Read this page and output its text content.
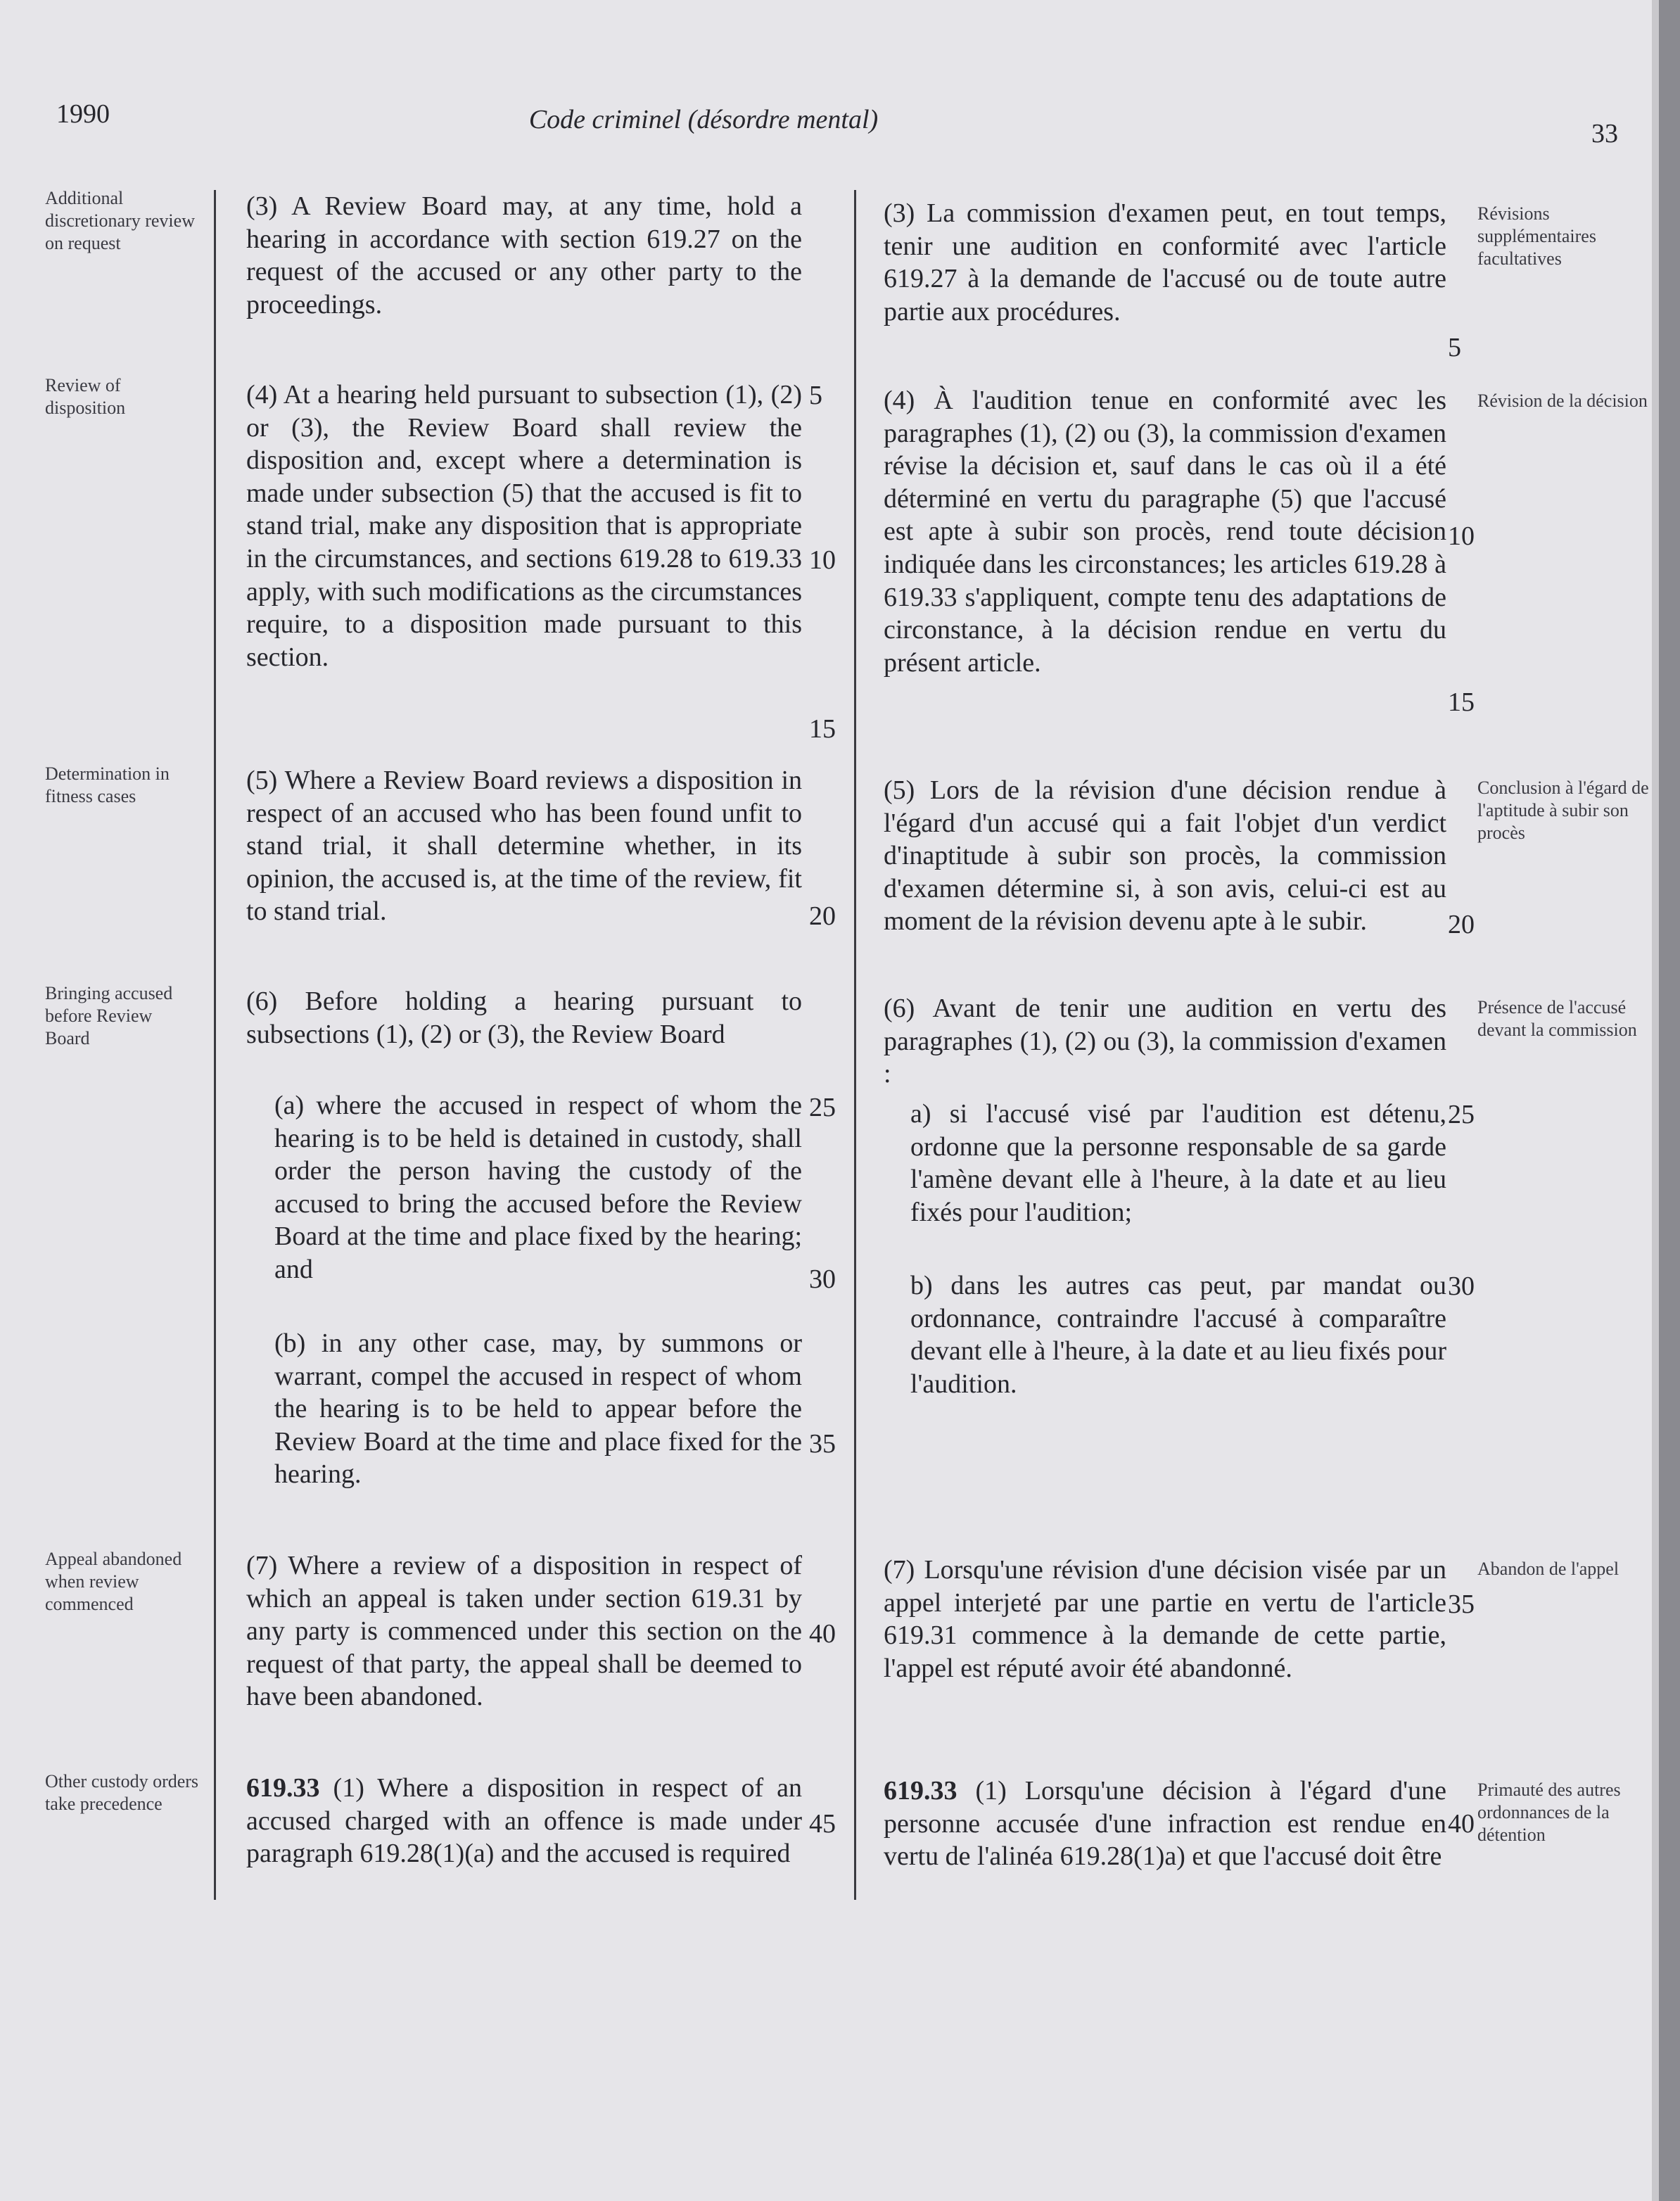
1990	Code criminel (désordre mental)	33
Additional discretionary review on request
Review of disposition
Determination in fitness cases
Bringing accused before Review Board
Appeal abandoned when review commenced
Other custody orders take precedence
Révisions supplémentaires facultatives
Révision de la décision
Conclusion à l'égard de l'aptitude à subir son procès
Présence de l'accusé devant la commission
Abandon de l'appel
Primauté des autres ordonnances de la détention
(3) A Review Board may, at any time, hold a hearing in accordance with section 619.27 on the request of the accused or any other party to the proceedings.
(4) At a hearing held pursuant to subsection (1), (2) or (3), the Review Board shall review the disposition and, except where a determination is made under subsection (5) that the accused is fit to stand trial, make any disposition that is appropriate in the circumstances, and sections 619.28 to 619.33 apply, with such modifications as the circumstances require, to a disposition made pursuant to this section.
(5) Where a Review Board reviews a disposition in respect of an accused who has been found unfit to stand trial, it shall determine whether, in its opinion, the accused is, at the time of the review, fit to stand trial.
(6) Before holding a hearing pursuant to subsections (1), (2) or (3), the Review Board
(a) where the accused in respect of whom the hearing is to be held is detained in custody, shall order the person having the custody of the accused to bring the accused before the Review Board at the time and place fixed by the hearing; and
(b) in any other case, may, by summons or warrant, compel the accused in respect of whom the hearing is to be held to appear before the Review Board at the time and place fixed for the hearing.
(7) Where a review of a disposition in respect of which an appeal is taken under section 619.31 by any party is commenced under this section on the request of that party, the appeal shall be deemed to have been abandoned.
619.33 (1) Where a disposition in respect of an accused charged with an offence is made under paragraph 619.28(1)(a) and the accused is required
(3) La commission d'examen peut, en tout temps, tenir une audition en conformité avec l'article 619.27 à la demande de l'accusé ou de toute autre partie aux procédures.
(4) À l'audition tenue en conformité avec les paragraphes (1), (2) ou (3), la commission d'examen révise la décision et, sauf dans le cas où il a été déterminé en vertu du paragraphe (5) que l'accusé est apte à subir son procès, rend toute décision indiquée dans les circonstances; les articles 619.28 à 619.33 s'appliquent, compte tenu des adaptations de circonstance, à la décision rendue en vertu du présent article.
(5) Lors de la révision d'une décision rendue à l'égard d'un accusé qui a fait l'objet d'un verdict d'inaptitude à subir son procès, la commission d'examen détermine si, à son avis, celui-ci est au moment de la révision devenu apte à le subir.
(6) Avant de tenir une audition en vertu des paragraphes (1), (2) ou (3), la commission d'examen :
a) si l'accusé visé par l'audition est détenu, ordonne que la personne responsable de sa garde l'amène devant elle à l'heure, à la date et au lieu fixés pour l'audition;
b) dans les autres cas peut, par mandat ou ordonnance, contraindre l'accusé à comparaître devant elle à l'heure, à la date et au lieu fixés pour l'audition.
(7) Lorsqu'une révision d'une décision visée par un appel interjeté par une partie en vertu de l'article 619.31 commence à la demande de cette partie, l'appel est réputé avoir été abandonné.
619.33 (1) Lorsqu'une décision à l'égard d'une personne accusée d'une infraction est rendue en vertu de l'alinéa 619.28(1)a) et que l'accusé doit être
5
10
15
20
25
30
35
40
45
5
10
15
20
25
30
35
40
